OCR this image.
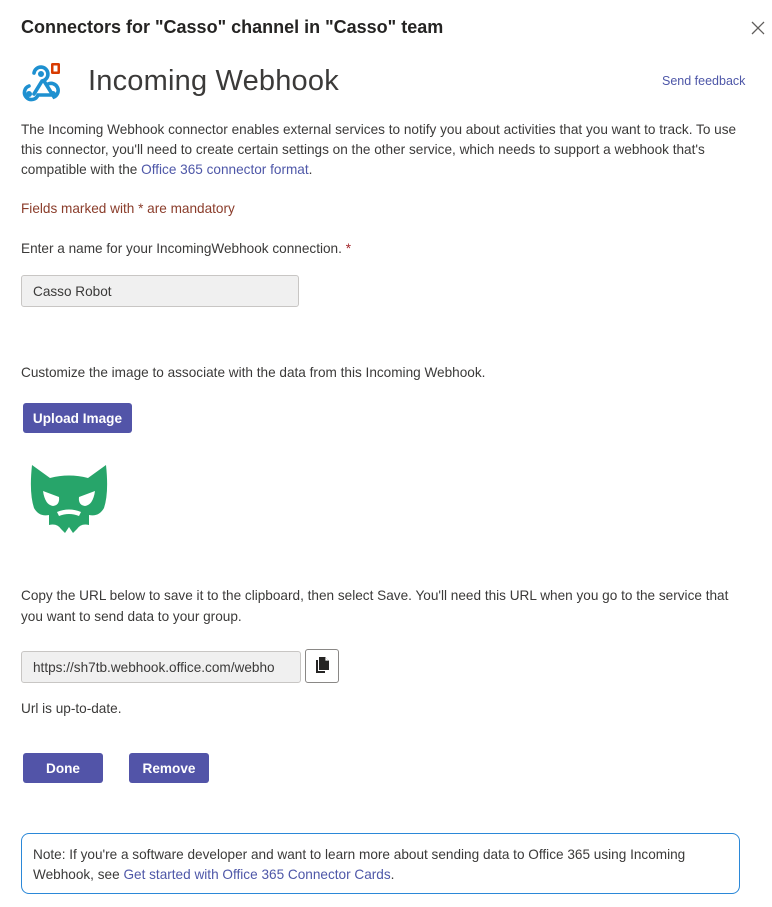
Connectors for "Casso" channel in "Casso" team
Incoming Webhook	Send feedback
The Incoming Webhook connector enables external services to notify you about activities that you want to track. To use this connector, you'll need to create certain settings on the other service, which needs to support a webhook that's compatible with the Office 365 connector format.
Fields marked with * are mandatory
Enter a name for your IncomingWebhook connection. *
Casso Robot
Customize the image to associate with the data from this Incoming Webhook.
Upload Image
Copy the URL below to save it to the clipboard, then select Save. You'll need this URL when you go to the service that you want to send data to your group.
https://sh7tb.webhook.office.com/webho
Url is up-to-date.
Done	Remove
Note: If you're a software developer and want to learn more about sending data to Office 365 using Incoming Webhook, see Get started with Office 365 Connector Cards.
